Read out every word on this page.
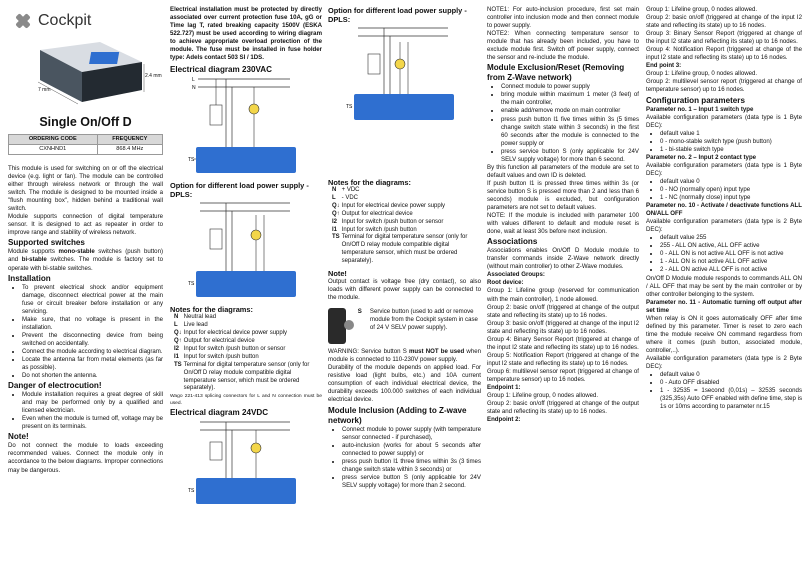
Cockpit
7 mm
2.4 mm
Single On/Off D
ORDERING CODE	FREQUENCY
CXNHND1	868.4 MHz

This module is used for switching on or off the electrical device (e.g. light or fan). The module can be controlled either through wireless network or through the wall switch. The module is designed to be mounted inside a "flush mounting box", hidden behind a traditional wall switch.

Module supports connection of digital temperature sensor. It is designed to act as repeater in order to improve range and stability of wireless network.

Supported switches

Module supports mono-stable switches (push button) and bi-stable switches. The module is factory set to operate with bi-stable switches.

Installation
• To prevent electrical shock and/or equipment damage, disconnect electrical power at the main fuse or circuit breaker before installation or any servicing.
• Make sure, that no voltage is present in the installation.
• Prevent the disconnecting device from being switched on accidentally.
• Connect the module according to electrical diagram.
• Locate the antenna far from metal elements (as far as possible).
• Do not shorten the antenna.
Danger of electrocution!
• Module installation requires a great degree of skill and may be performed only by a qualified and licensed electrician.
• Even when the module is turned off, voltage may be present on its terminals.
Note!

Do not connect the module to loads exceeding recommended values. Connect the module only in accordance to the below diagrams. Improper connections may be dangerous.

Electrical installation must be protected by directly associated over current protection fuse 10A, gG or Time lag T, rated breaking capacity 1500V (ESKA 522.727) must be used according to wiring diagram to achieve appropriate overload protection of the module. The fuse must be installed in fuse holder type: Adels contact 503 SI / 1DS.

Electrical diagram 230VAC
L
N
TS
Option for different load power supply - DPLS:
TS
Notes for the diagrams:
N	Neutral lead
L	Live lead
Q↓	Input for electrical device power supply
Q↑	Output for electrical device
I2	Input for switch /push button or sensor
I1	Input for switch /push button
TS	Terminal for digital temperature sensor (only for On/Off D relay module compatible digital temperature sensor, which must be ordered separately).

Wago 221-413 splicing connectors for L and N connection must be used.

Electrical diagram 24VDC
TS
Option for different load power supply - DPLS:
TS
Notes for the diagrams:
N	+ VDC
L	- VDC
Q↓	Input for electrical device power supply
Q↑	Output for electrical device
I2	Input for switch /push button or sensor
I1	Input for switch /push button
TS	Terminal for digital temperature sensor (only for On/Off D relay module compatible digital temperature sensor, which must be ordered separately).
Note!

Output contact is voltage free (dry contact), so also loads with different power supply can be connected to the module.

S Service button (used to add or remove module from the Cockpit system in case of 24 V SELV power supply).

WARNING: Service button S must NOT be used when module is connected to 110-230V power supply.

Durability of the module depends on applied load. For resistive load (light bulbs, etc.) and 10A current consumption of each individual electrical device, the durability exceeds 100.000 switches of each individual electrical device.

Module Inclusion (Adding to Z-wave network)
• Connect module to power supply (with temperature sensor connected - if purchased),
• auto-inclusion (works for about 5 seconds after connected to power supply) or
• press push button I1 three times within 3s (3 times change switch state within 3 seconds) or
• press service button S (only applicable for 24V SELV supply voltage) for more than 2 second.

NOTE1: For auto-inclusion procedure, first set main controller into inclusion mode and then connect module to power supply.

NOTE2: When connecting temperature sensor to module that has already been included, you have to exclude module first. Switch off power supply, connect the sensor and re-include the module.

Module Exclusion/Reset (Removing from Z-Wave network)
• Connect module to power supply
• bring module within maximum 1 meter (3 feet) of the main controller,
• enable add/remove mode on main controller
• press push button I1 five times within 3s (5 times change switch state within 3 seconds) in the first 60 seconds after the module is connected to the power supply or
• press service button S (only applicable for 24V SELV supply voltage) for more than 6 second.

By this function all parameters of the module are set to default values and own ID is deleted.

If push button I1 is pressed three times within 3s (or service button S is pressed more than 2 and less than 6 seconds) module is excluded, but configuration parameters are not set to default values.

NOTE: If the module is included with parameter 100 with values different to default and module reset is done, wait at least 30s before next inclusion.

Associations

Associations enables On/Off D Module module to transfer commands inside Z-Wave network directly (without main controller) to other Z-Wave modules.

Associated Groups:

Root device:

Group 1: Lifeline group (reserved for communication with the main controller), 1 node allowed.

Group 2: basic on/off (triggered at change of the output state and reflecting its state) up to 16 nodes.

Group 3: basic on/off (triggered at change of the input I2 state and reflecting its state) up to 16 nodes.

Group 4: Binary Sensor Report (triggered at change of the input I2 state and reflecting its state) up to 16 nodes.

Group 5: Notification Report (triggered at change of the input I2 state and reflecting its state) up to 16 nodes.

Group 6: multilevel sensor report (triggered at change of temperature sensor) up to 16 nodes.

Endpoint 1:

Group 1: Lifeline group, 0 nodes allowed.

Group 2: basic on/off (triggered at change of the output state and reflecting its state) up to 16 nodes.

Endpoint 2:

Group 1: Lifeline group, 0 nodes allowed.

Group 2: basic on/off (triggered at change of the input I2 state and reflecting its state) up to 16 nodes.

Group 3: Binary Sensor Report (triggered at change of the input I2 state and reflecting its state) up to 16 nodes.

Group 4: Notification Report (triggered at change of the input I2 state and reflecting its state) up to 16 nodes.

End point 3:

Group 1: Lifeline group, 0 nodes allowed.

Group 2: multilevel sensor report (triggered at change of temperature sensor) up to 16 nodes.

Configuration parameters

Parameter no. 1 – Input 1 switch type

Available configuration parameters (data type is 1 Byte DEC):

• default value 1
• 0 - mono-stable switch type (push button)
• 1 - bi-stable switch type

Parameter no. 2 – Input 2 contact type

Available configuration parameters (data type is 1 Byte DEC):

• default value 0
• 0 - NO (normally open) input type
• 1 - NC (normally close) input type

Parameter no. 10 - Activate / deactivate functions ALL ON/ALL OFF

Available configuration parameters (data type is 2 Byte DEC):

• default value 255
• 255 - ALL ON active, ALL OFF active
• 0 - ALL ON is not active ALL OFF is not active
• 1 - ALL ON is not active ALL OFF active
• 2 - ALL ON active ALL OFF is not active

On/Off D Module module responds to commands ALL ON / ALL OFF that may be sent by the main controller or by other controller belonging to the system.

Parameter no. 11 - Automatic turning off output after set time

When relay is ON it goes automatically OFF after time defined by this parameter. Timer is reset to zero each time the module receive ON command regardless from where it comes (push button, associated module, controller,..).

Available configuration parameters (data type is 2 Byte DEC):

• default value 0
• 0 - Auto OFF disabled
• 1 - 32535 = 1second (0,01s) – 32535 seconds (325,35s) Auto OFF enabled with define time, step is 1s or 10ms according to parameter nr.15
